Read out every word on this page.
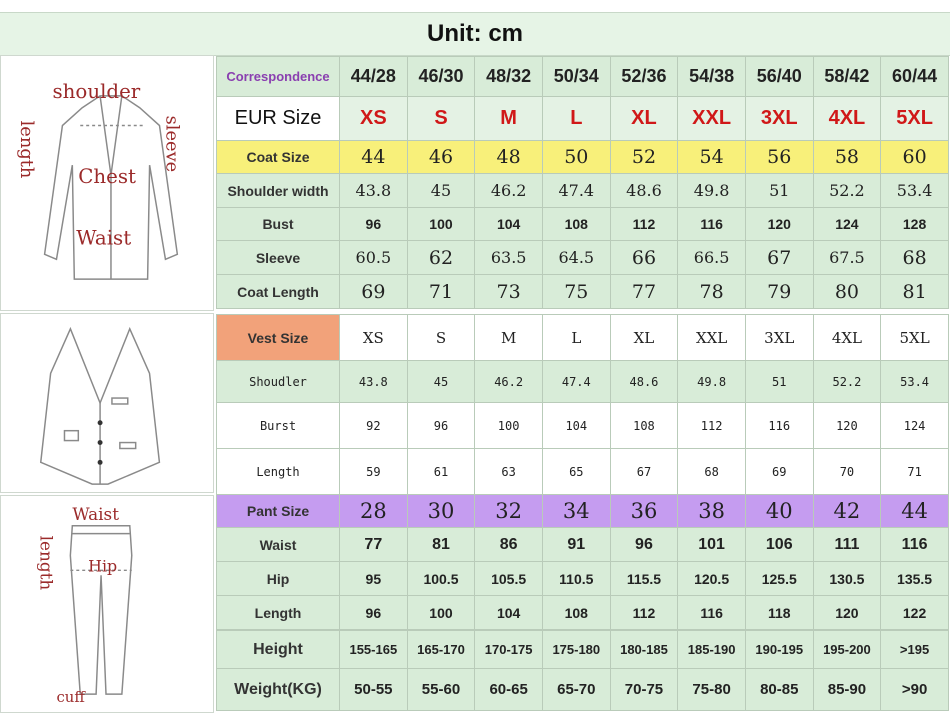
Unit: cm
shoulder
Chest
Waist
length	sleeve
Waist
Hip
cuff
length
Correspondence	44/28	46/30	48/32	50/34	52/36	54/38	56/40	58/42	60/44
EUR Size	XS	S	M	L	XL	XXL	3XL	4XL	5XL
Coat Size	44	46	48	50	52	54	56	58	60
Shoulder width	43.8	45	46.2	47.4	48.6	49.8	51	52.2	53.4
Bust	96	100	104	108	112	116	120	124	128
Sleeve	60.5	62	63.5	64.5	66	66.5	67	67.5	68
Coat Length	69	71	73	75	77	78	79	80	81
Vest Size	XS	S	M	L	XL	XXL	3XL	4XL	5XL
Shoudler	43.8	45	46.2	47.4	48.6	49.8	51	52.2	53.4
Burst	92	96	100	104	108	112	116	120	124
Length	59	61	63	65	67	68	69	70	71
Pant Size	28	30	32	34	36	38	40	42	44
Waist	77	81	86	91	96	101	106	111	116
Hip	95	100.5	105.5	110.5	115.5	120.5	125.5	130.5	135.5
Length	96	100	104	108	112	116	118	120	122
Height	155-165	165-170	170-175	175-180	180-185	185-190	190-195	195-200	>195
Weight(KG)	50-55	55-60	60-65	65-70	70-75	75-80	80-85	85-90	>90
